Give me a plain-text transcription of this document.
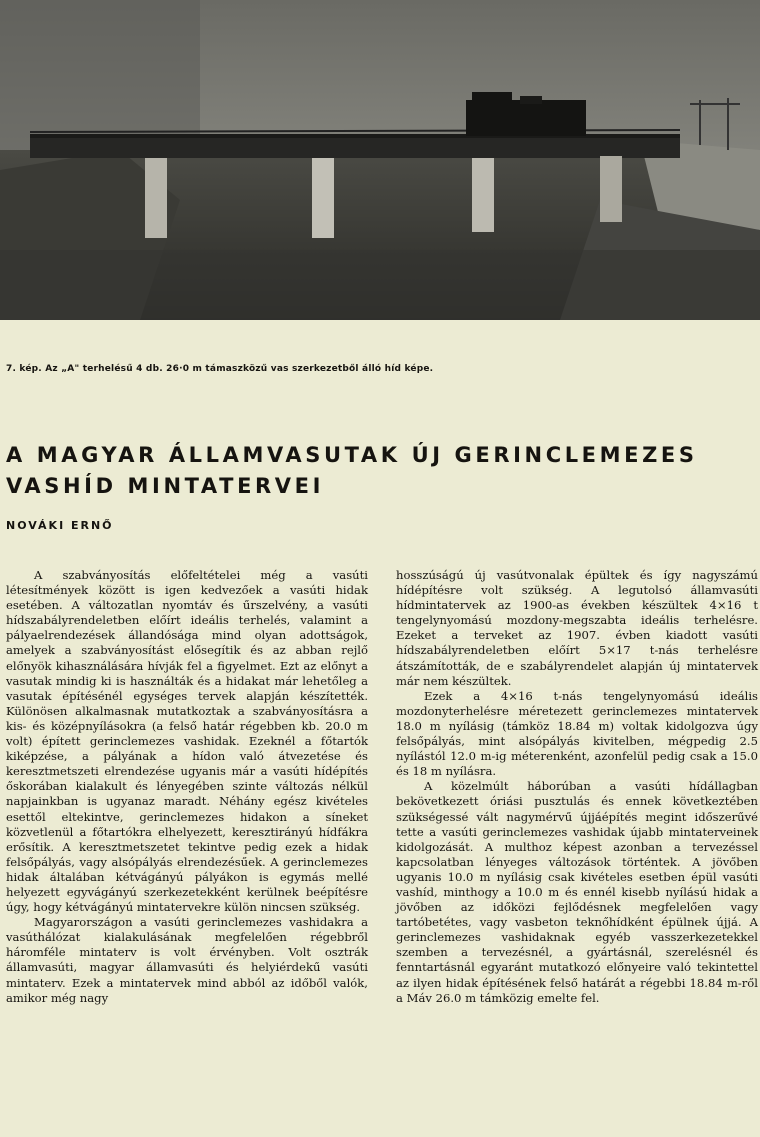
7. kép. Az „A" terhelésű 4 db. 26·0 m támaszközű vas szerkezetből álló híd képe.
A MAGYAR ÁLLAMVASUTAK ÚJ GERINCLEMEZES VASHÍD MINTATERVEI
NOVÁKI ERNŐ

A szabványosítás előfeltételei még a vasúti létesítmények között is igen kedvezőek a vasúti hidak esetében. A változatlan nyomtáv és űrszelvény, a vasúti hídszabályrendeletben előírt ideális terhelés, valamint a pályaelrendezések állandósága mind olyan adottságok, amelyek a szabványosítást elősegítik és az abban rejlő előnyök kihasználására hívják fel a figyelmet. Ezt az előnyt a vasutak mindig ki is használták és a hidakat már lehetőleg a vasutak építésénél egységes tervek alapján készítették. Különösen alkalmasnak mutatkoztak a szabványosításra a kis- és középnyílásokra (a felső határ régebben kb. 20.0 m volt) épített gerinclemezes vashidak. Ezeknél a főtartók kiképzése, a pályának a hídon való átvezetése és keresztmetszeti elrendezése ugyanis már a vasúti hídépítés őskorában kialakult és lényegében szinte változás nélkül napjainkban is ugyanaz maradt. Néhány egész kivételes esettől eltekintve, gerinclemezes hidakon a síneket közvetlenül a főtartókra elhelyezett, keresztirányú hídfákra erősítik. A keresztmetszetet tekintve pedig ezek a hidak felsőpályás, vagy alsópályás elrendezésűek. A gerinclemezes hidak általában kétvágányú pályákon is egymás mellé helyezett egyvágányú szerkezetekként kerülnek beépítésre úgy, hogy kétvágányú mintatervekre külön nincsen szükség.

Magyarországon a vasúti gerinclemezes vashidakra a vasúthálózat kialakulásának megfelelően régebbről háromféle mintaterv is volt érvényben. Volt osztrák államvasúti, magyar államvasúti és helyiérdekű vasúti mintaterv. Ezek a mintatervek mind abból az időből valók, amikor még nagy

hosszúságú új vasútvonalak épültek és így nagyszámú hídépítésre volt szükség. A legutolsó államvasúti hídmintatervek az 1900-as években készültek 4×16 t tengelynyomású mozdony-megszabta ideális terhelésre. Ezeket a terveket az 1907. évben kiadott vasúti hídszabályrendeletben előírt 5×17 t-nás terhelésre átszámították, de e szabályrendelet alapján új mintatervek már nem készültek.

Ezek a 4×16 t-nás tengelynyomású ideális mozdonyterhelésre méretezett gerinclemezes mintatervek 18.0 m nyílásig (támköz 18.84 m) voltak kidolgozva úgy felsőpályás, mint alsópályás kivitelben, mégpedig 2.5 nyílástól 12.0 m-ig méterenként, azonfelül pedig csak a 15.0 és 18 m nyílásra.

A közelmúlt háborúban a vasúti hídállagban bekövetkezett óriási pusztulás és ennek következtében szükségessé vált nagymérvű újjáépítés megint időszerűvé tette a vasúti gerinclemezes vashidak újabb mintaterveinek kidolgozását. A multhoz képest azonban a tervezéssel kapcsolatban lényeges változások történtek. A jövőben ugyanis 10.0 m nyílásig csak kivételes esetben épül vasúti vashíd, minthogy a 10.0 m és ennél kisebb nyílású hidak a jövőben az időközi fejlődésnek megfelelően vagy tartóbetétes, vagy vasbeton teknőhídként épülnek újjá. A gerinclemezes vashidaknak egyéb vasszerkezetekkel szemben a tervezésnél, a gyártásnál, szerelésnél és fenntartásnál egyaránt mutatkozó előnyeire való tekintettel az ilyen hidak építésének felső határát a régebbi 18.84 m-ről a Máv 26.0 m támközig emelte fel.
